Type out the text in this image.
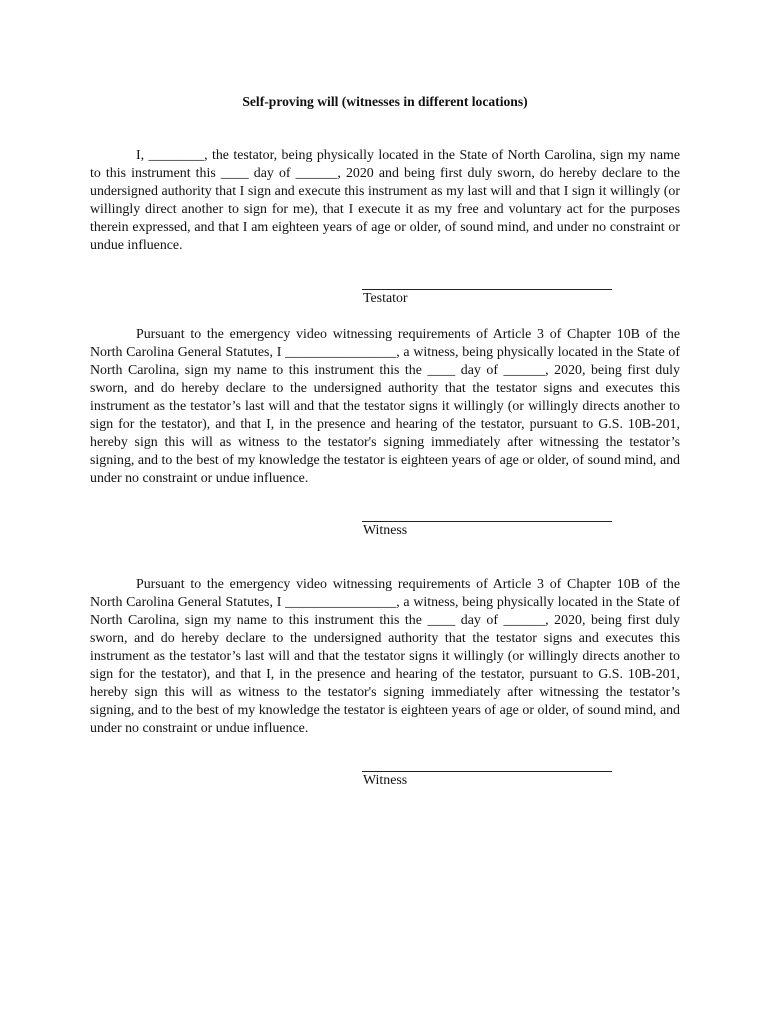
Self-proving will (witnesses in different locations)

I, ________, the testator, being physically located in the State of North Carolina, sign my name to this instrument this ____ day of ______, 2020 and being first duly sworn, do hereby declare to the undersigned authority that I sign and execute this instrument as my last will and that I sign it willingly (or willingly direct another to sign for me), that I execute it as my free and voluntary act for the purposes therein expressed, and that I am eighteen years of age or older, of sound mind, and under no constraint or undue influence.

Testator

Pursuant to the emergency video witnessing requirements of Article 3 of Chapter 10B of the North Carolina General Statutes, I ________________, a witness, being physically located in the State of North Carolina, sign my name to this instrument this the ____ day of ______, 2020, being first duly sworn, and do hereby declare to the undersigned authority that the testator signs and executes this instrument as the testator’s last will and that the testator signs it willingly (or willingly directs another to sign for the testator), and that I, in the presence and hearing of the testator, pursuant to G.S. 10B-201, hereby sign this will as witness to the testator's signing immediately after witnessing the testator’s signing, and to the best of my knowledge the testator is eighteen years of age or older, of sound mind, and under no constraint or undue influence.

Witness

Pursuant to the emergency video witnessing requirements of Article 3 of Chapter 10B of the North Carolina General Statutes, I ________________, a witness, being physically located in the State of North Carolina, sign my name to this instrument this the ____ day of ______, 2020, being first duly sworn, and do hereby declare to the undersigned authority that the testator signs and executes this instrument as the testator’s last will and that the testator signs it willingly (or willingly directs another to sign for the testator), and that I, in the presence and hearing of the testator, pursuant to G.S. 10B-201, hereby sign this will as witness to the testator's signing immediately after witnessing the testator’s signing, and to the best of my knowledge the testator is eighteen years of age or older, of sound mind, and under no constraint or undue influence.

Witness
